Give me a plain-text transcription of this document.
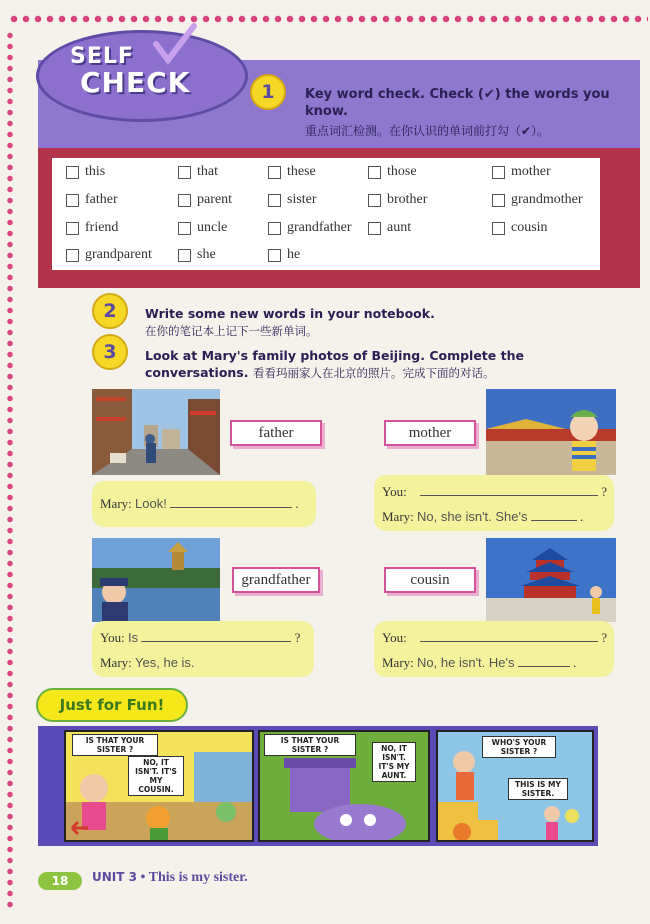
SELF
CHECK	1	Key word check. Check (✔) the words you know.
重点词汇检测。在你认识的单词前打勾（✔）。
this	that	these	those	mother
father	parent	sister	brother	grandmother
friend	uncle	grandfather	aunt	cousin
grandparent	she	he
2	Write some new words in your notebook.
在你的笔记本上记下一些新单词。
3	Look at Mary's family photos of Beijing. Complete the conversations. 看看玛丽家人在北京的照片。完成下面的对话。
father	mother
Mary: Look!	.
You:	?
Mary: No, she isn't. She's	.
grandfather	cousin
You: Is	?
Mary: Yes, he is.
You:	?
Mary: No, he isn't. He's	.
Just for Fun!
IS THAT YOUR SISTER ?
NO, IT ISN'T. IT'S MY COUSIN.
IS THAT YOUR SISTER ?	NO, IT ISN'T. IT'S MY AUNT.
WHO'S YOUR SISTER ?
THIS IS MY SISTER.
18	UNIT 3 • This is my sister.
